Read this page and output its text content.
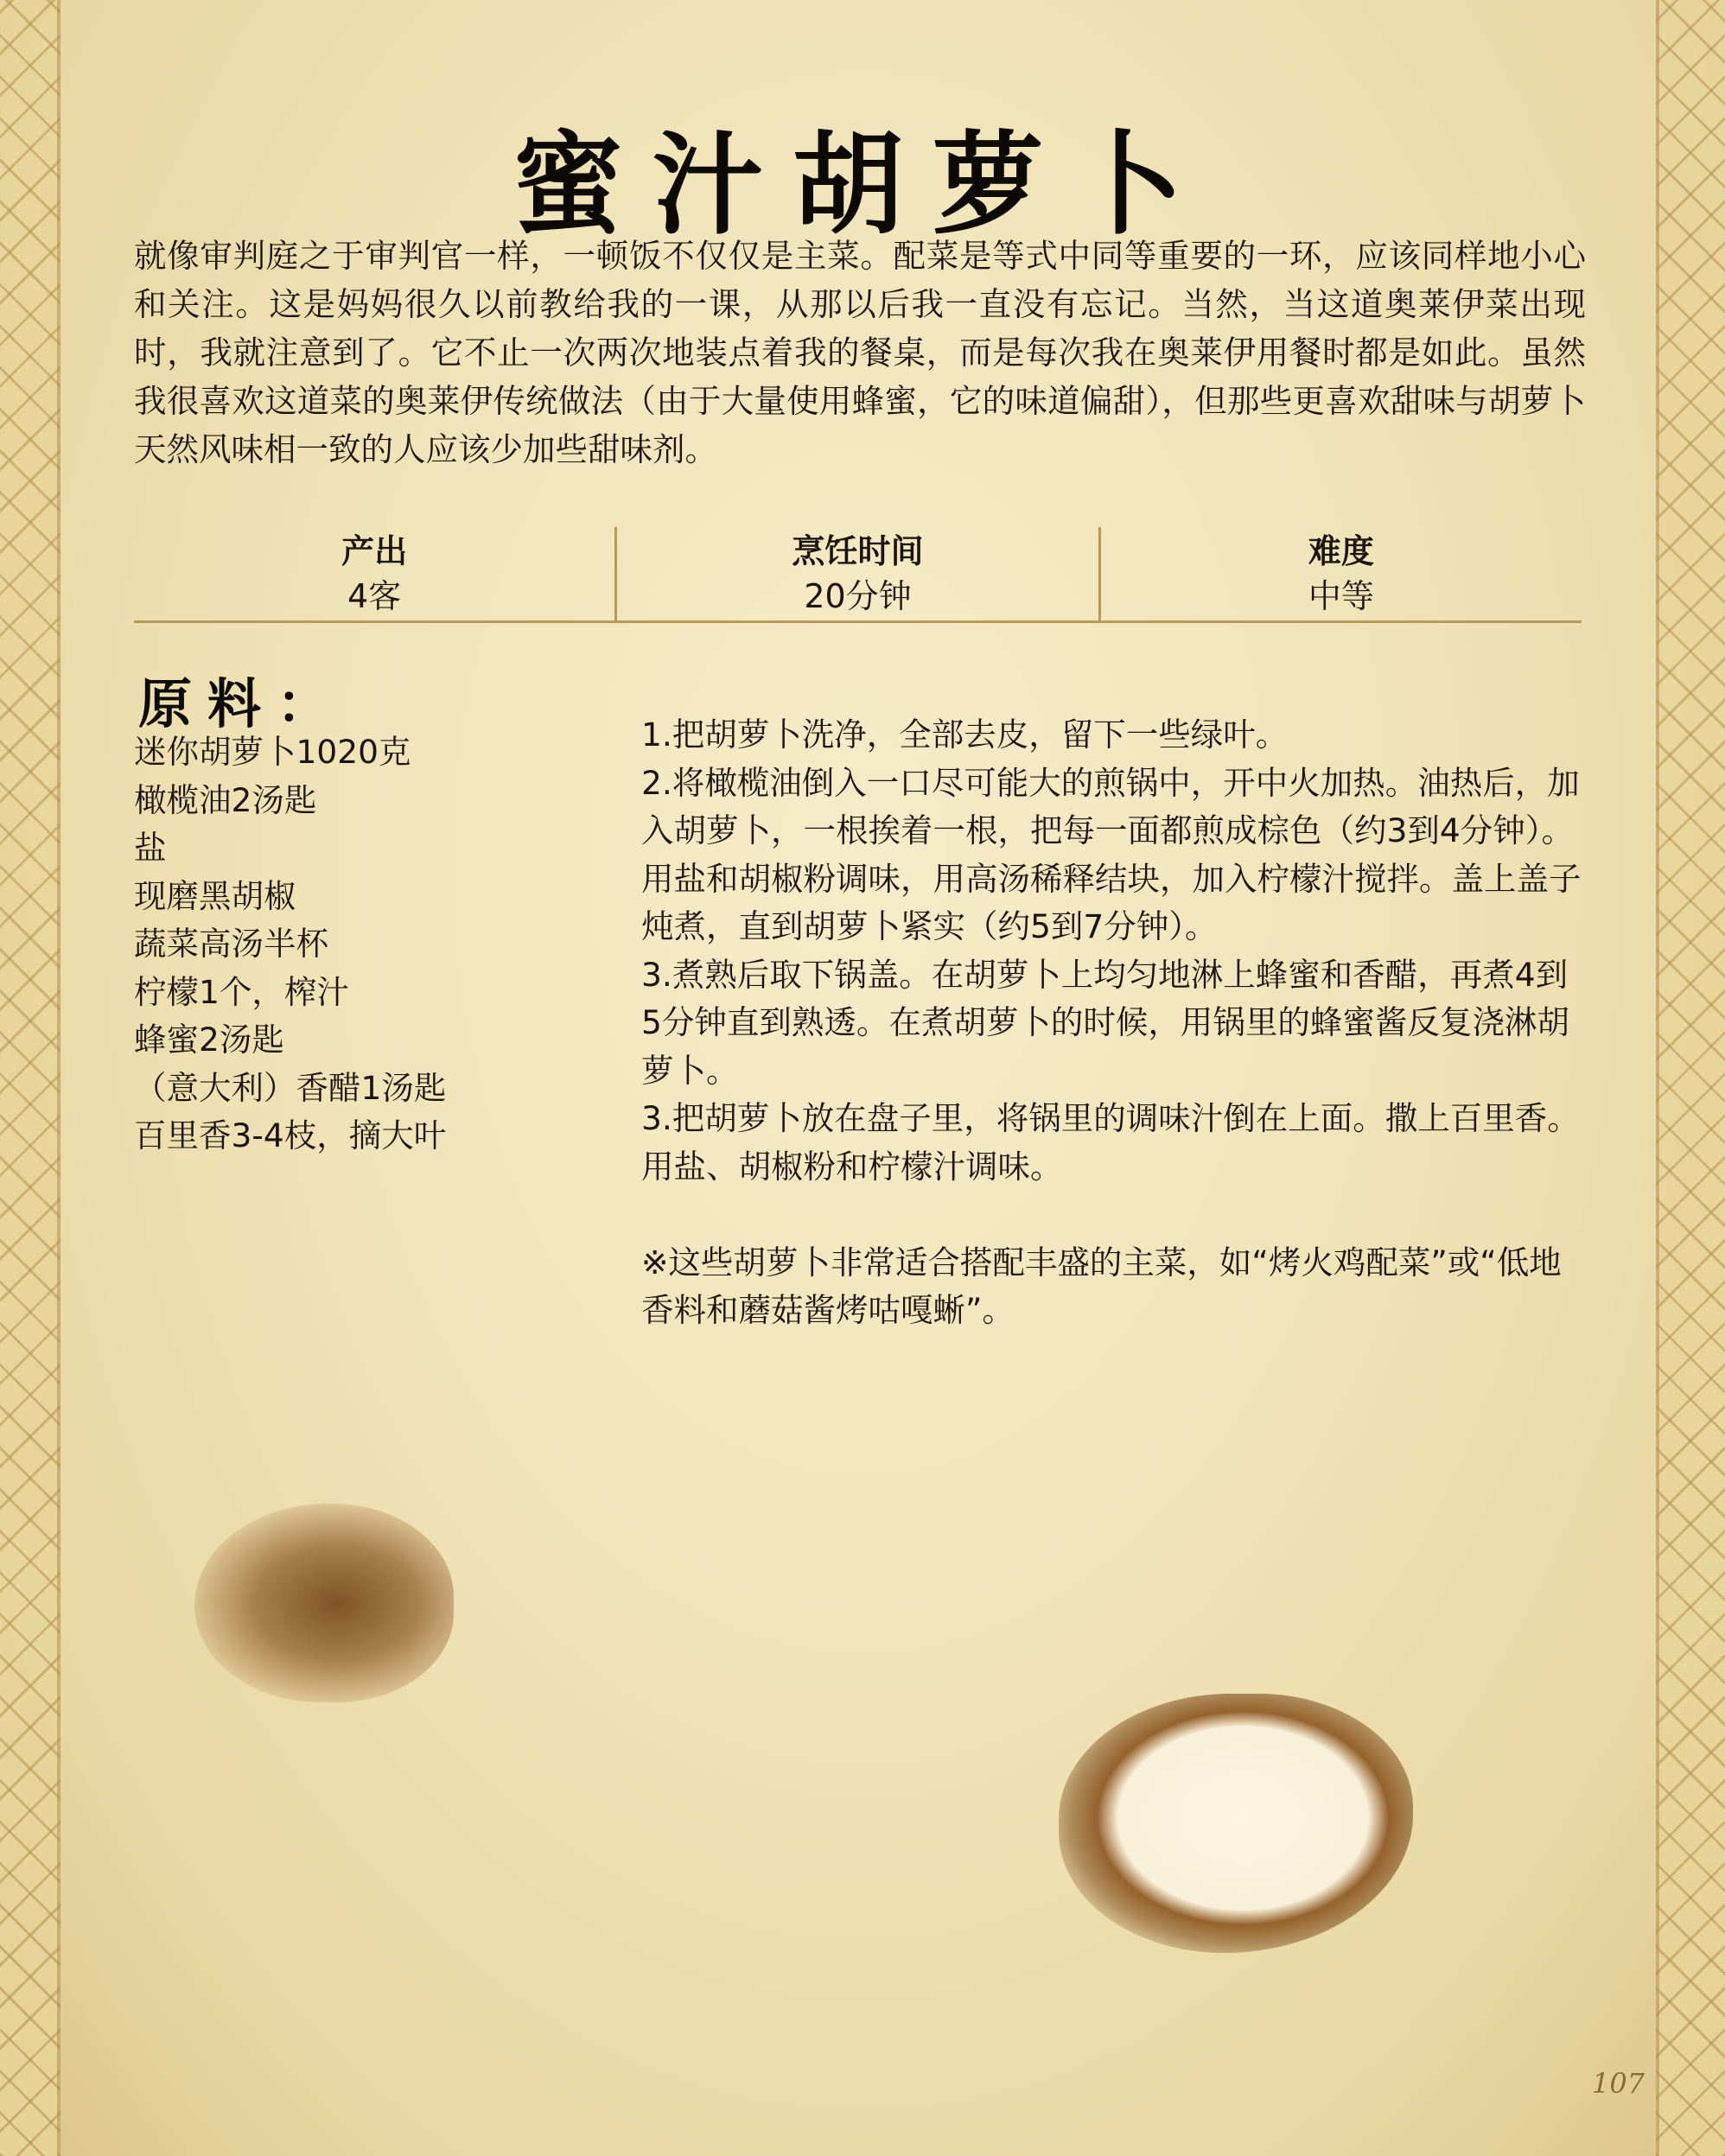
蜜汁胡萝卜

就像审判庭之于审判官一样，一顿饭不仅仅是主菜。配菜是等式中同等重要的一环，应该同样地小心和关注。这是妈妈很久以前教给我的一课，从那以后我一直没有忘记。当然，当这道奥莱伊菜出现时，我就注意到了。它不止一次两次地装点着我的餐桌，而是每次我在奥莱伊用餐时都是如此。虽然我很喜欢这道菜的奥莱伊传统做法（由于大量使用蜂蜜，它的味道偏甜），但那些更喜欢甜味与胡萝卜天然风味相一致的人应该少加些甜味剂。

产出
4客
烹饪时间
20分钟
难度
中等
原料：
迷你胡萝卜1020克
橄榄油2汤匙
盐
现磨黑胡椒
蔬菜高汤半杯
柠檬1个，榨汁
蜂蜜2汤匙
（意大利）香醋1汤匙
百里香3-4枝，摘大叶

1.把胡萝卜洗净，全部去皮，留下一些绿叶。

2.将橄榄油倒入一口尽可能大的煎锅中，开中火加热。油热后，加入胡萝卜，一根挨着一根，把每一面都煎成棕色（约3到4分钟）。用盐和胡椒粉调味，用高汤稀释结块，加入柠檬汁搅拌。盖上盖子炖煮，直到胡萝卜紧实（约5到7分钟）。

3.煮熟后取下锅盖。在胡萝卜上均匀地淋上蜂蜜和香醋，再煮4到5分钟直到熟透。在煮胡萝卜的时候，用锅里的蜂蜜酱反复浇淋胡萝卜。

3.把胡萝卜放在盘子里，将锅里的调味汁倒在上面。撒上百里香。用盐、胡椒粉和柠檬汁调味。

※这些胡萝卜非常适合搭配丰盛的主菜，如“烤火鸡配菜”或“低地香料和蘑菇酱烤咕嘎蜥”。

107
